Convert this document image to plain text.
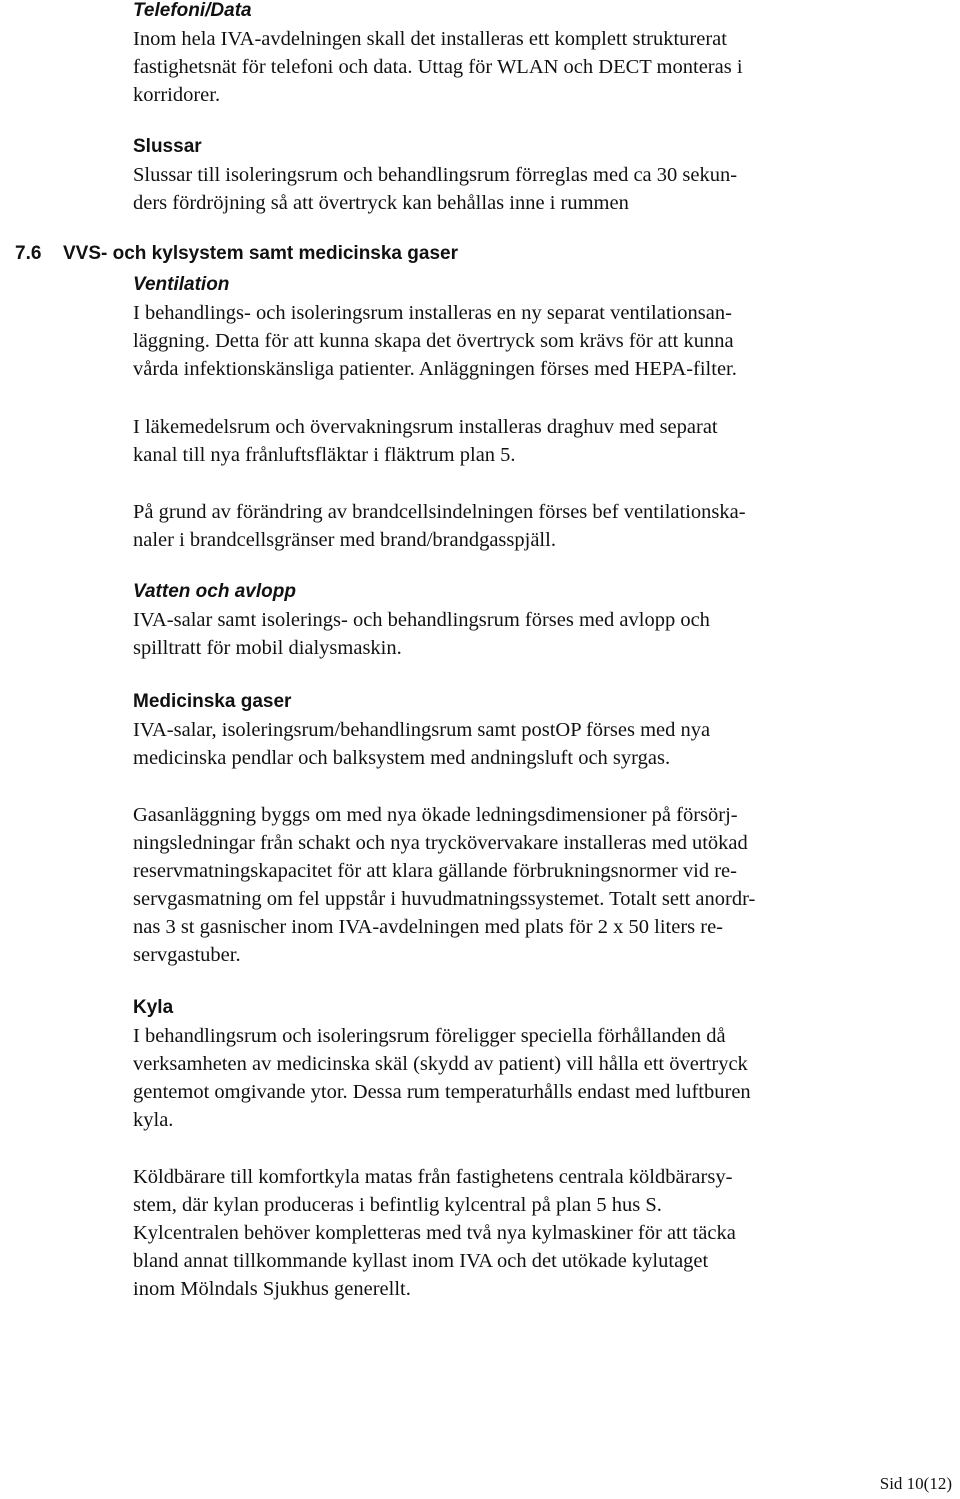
Telefoni/Data

Inom hela IVA-avdelningen skall det installeras ett komplett strukturerat
fastighetsnät för telefoni och data. Uttag för WLAN och DECT monteras i
korridorer.

Slussar

Slussar till isoleringsrum och behandlingsrum förreglas med ca 30 sekun-
ders fördröjning så att övertryck kan behållas inne i rummen

7.6 VVS- och kylsystem samt medicinska gaser
Ventilation

I behandlings- och isoleringsrum installeras en ny separat ventilationsan-
läggning. Detta för att kunna skapa det övertryck som krävs för att kunna
vårda infektionskänsliga patienter. Anläggningen förses med HEPA-filter.

I läkemedelsrum och övervakningsrum installeras draghuv med separat
kanal till nya frånluftsfläktar i fläktrum plan 5.

På grund av förändring av brandcellsindelningen förses bef ventilationska-
naler i brandcellsgränser med brand/brandgasspjäll.

Vatten och avlopp

IVA-salar samt isolerings- och behandlingsrum förses med avlopp och
spilltratt för mobil dialysmaskin.

Medicinska gaser

IVA-salar, isoleringsrum/behandlingsrum samt postOP förses med nya
medicinska pendlar och balksystem med andningsluft och syrgas.

Gasanläggning byggs om med nya ökade ledningsdimensioner på försörj-
ningsledningar från schakt och nya tryckövervakare installeras med utökad
reservmatningskapacitet för att klara gällande förbrukningsnormer vid re-
servgasmatning om fel uppstår i huvudmatningssystemet. Totalt sett anordr-
nas 3 st gasnischer inom IVA-avdelningen med plats för 2 x 50 liters re-
servgastuber.

Kyla

I behandlingsrum och isoleringsrum föreligger speciella förhållanden då
verksamheten av medicinska skäl (skydd av patient) vill hålla ett övertryck
gentemot omgivande ytor. Dessa rum temperaturhålls endast med luftburen
kyla.

Köldbärare till komfortkyla matas från fastighetens centrala köldbärarsy-
stem, där kylan produceras i befintlig kylcentral på plan 5 hus S.
Kylcentralen behöver kompletteras med två nya kylmaskiner för att täcka
bland annat tillkommande kyllast inom IVA och det utökade kylutaget
inom Mölndals Sjukhus generellt.

Sid 10(12)
